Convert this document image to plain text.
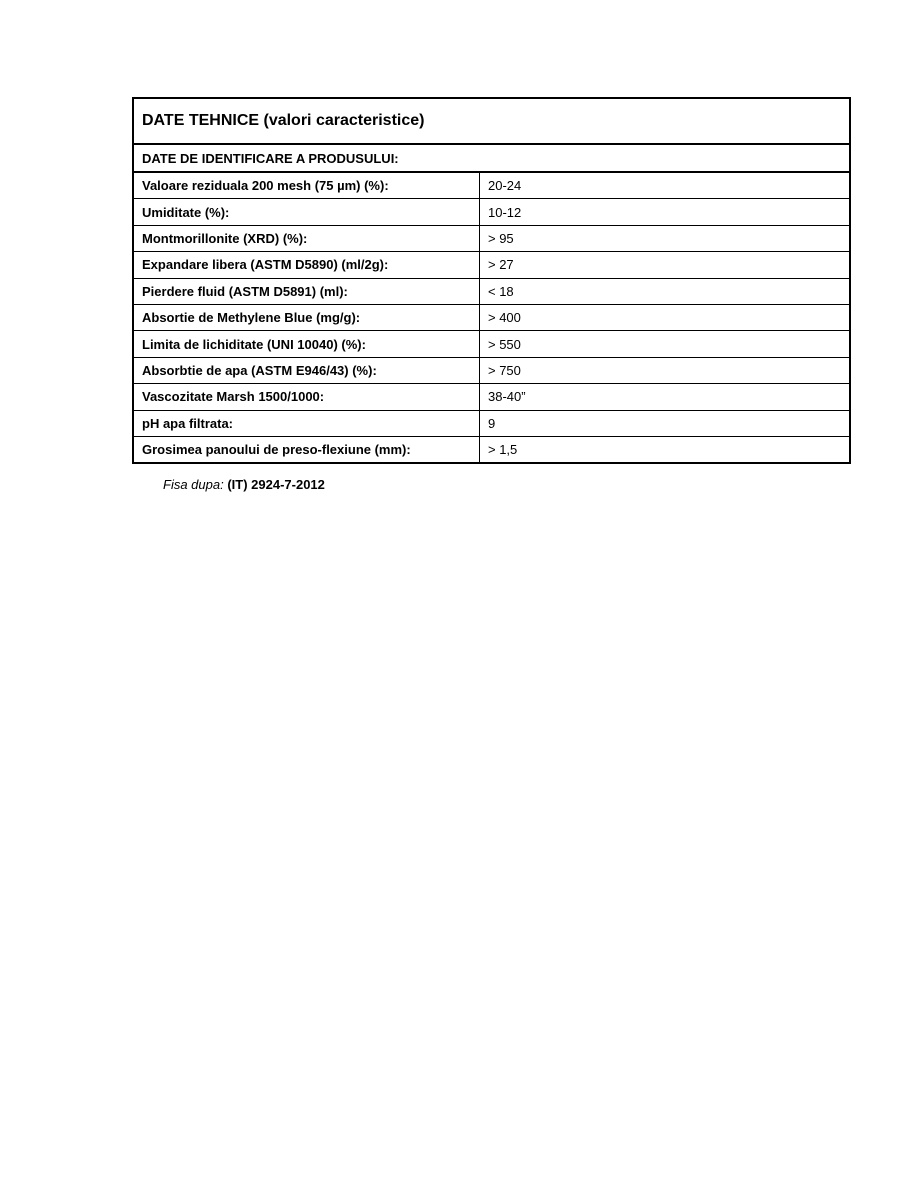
DATE TEHNICE (valori caracteristice)
DATE DE IDENTIFICARE A PRODUSULUI:
Valoare reziduala 200 mesh (75 µm) (%):	20-24
Umiditate (%):	10-12
Montmorillonite (XRD) (%):	> 95
Expandare libera (ASTM D5890) (ml/2g):	> 27
Pierdere fluid (ASTM D5891) (ml):	< 18
Absortie de Methylene Blue (mg/g):	> 400
Limita de lichiditate (UNI 10040) (%):	> 550
Absorbtie de apa (ASTM E946/43) (%):	> 750
Vascozitate Marsh 1500/1000:	38-40”
pH apa filtrata:	9
Grosimea panoului de preso-flexiune (mm):	> 1,5
Fisa dupa: (IT) 2924-7-2012
